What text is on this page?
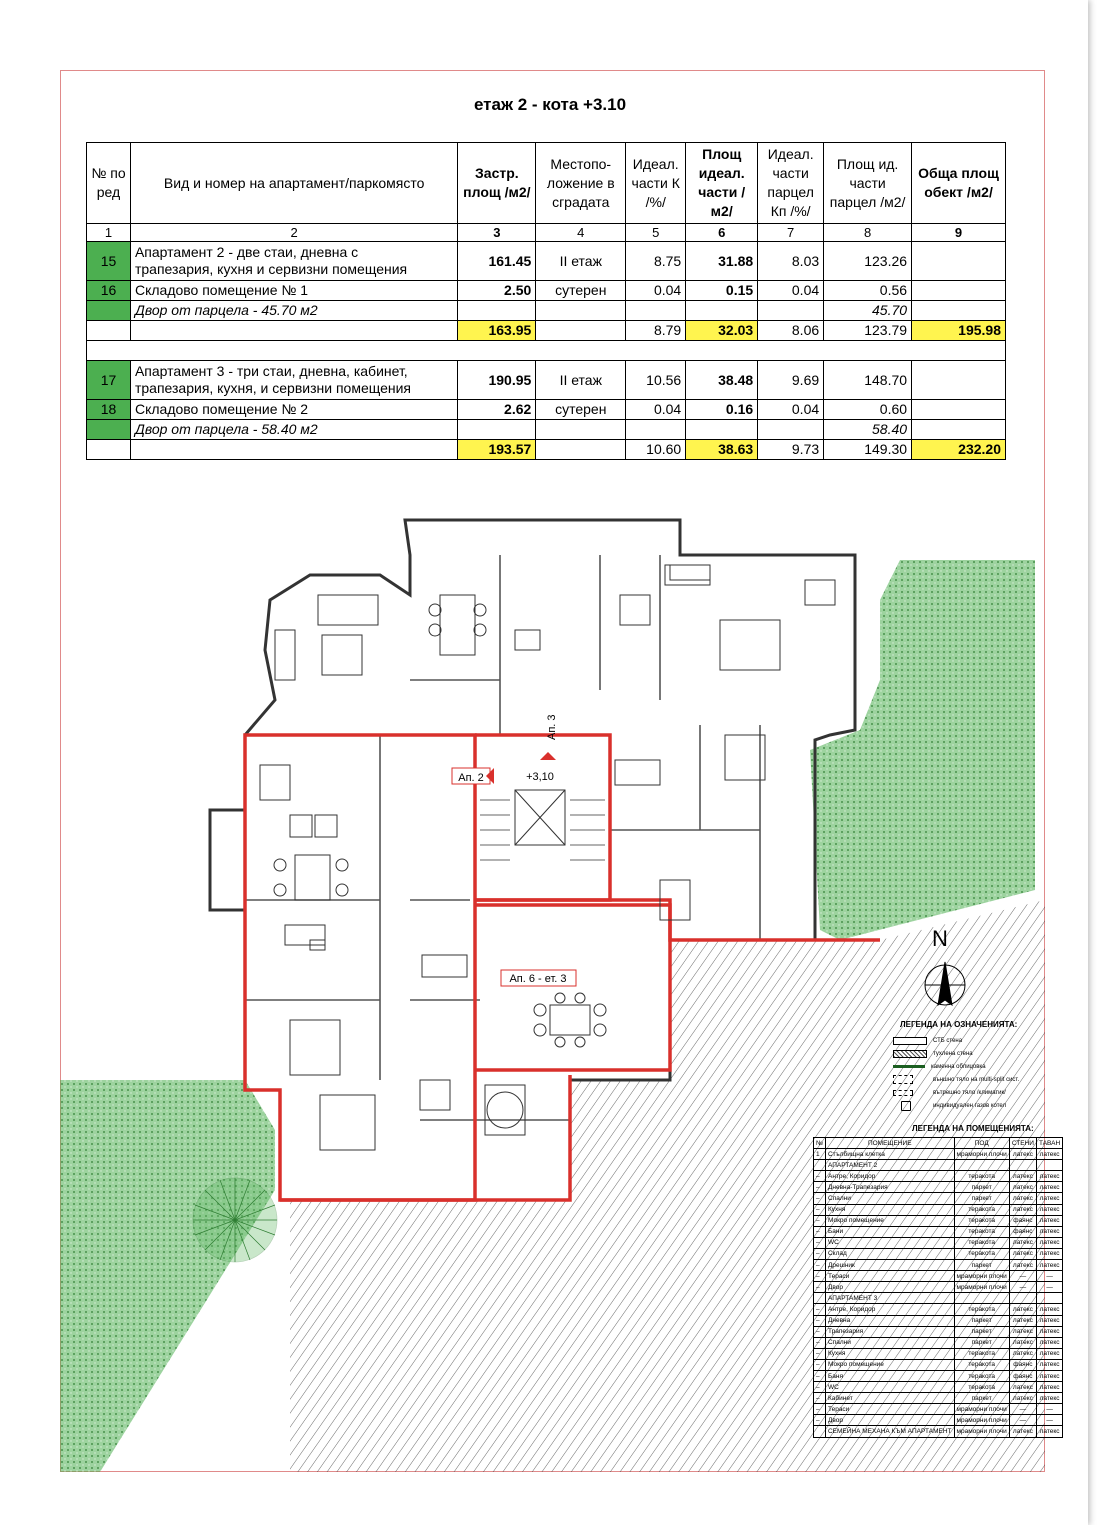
етаж 2 - кота +3.10
№ по ред	Вид и номер на апартамент/паркомясто	Застр. площ /м2/	Местопо-ложение в сградата	Идеал. части К /%/	Площ идеал. части /м2/	Идеал. части парцел Кп /%/	Площ ид. части парцел /м2/	Обща площ обект /м2/
1	2	3	4	5	6	7	8	9
15	Апартамент 2 - две стаи, дневна с
трапезария, кухня и сервизни помещения	161.45	II етаж	8.75	31.88	8.03	123.26	
16	Складово помещение № 1	2.50	сутерен	0.04	0.15	0.04	0.56	
	Двор от парцела - 45.70 м2						45.70	
		163.95		8.79	32.03	8.06	123.79	195.98

17	Апартамент 3 - три стаи, дневна, кабинет,
трапезария, кухня, и сервизни помещения	190.95	II етаж	10.56	38.48	9.69	148.70	
18	Складово помещение № 2	2.62	сутерен	0.04	0.16	0.04	0.60	
	Двор от парцела - 58.40 м2						58.40	
		193.57		10.60	38.63	9.73	149.30	232.20
Ап. 2	+3,10
Ап. 3
Ап. 6 - ет. 3
N
ЛЕГЕНДА НА ОЗНАЧЕНИЯТА:
СТБ стена
тухлена стена
каменна облицовка
външно тяло на multi-split сист.
вътрешно тяло /климатик/
индивидуален газов котел
ЛЕГЕНДА НА ПОМЕЩЕНИЯТА:
№	ПОМЕЩЕНИЕ	ПОД	СТЕНИ	ТАВАН
1	Стълбищна клетка	мраморни плочи	латекс	латекс
	АПАРТАМЕНТ 2			
–	Антре, Коридор	теракота	латекс	латекс
–	Дневна-Трапезария	паркет	латекс	латекс
–	Спални	паркет	латекс	латекс
–	Кухня	теракота	латекс	латекс
–	Мокро помещение	теракота	фаянс	латекс
–	Бани	теракота	фаянс	латекс
–	WC	теракота	латекс	латекс
–	Склад	теракота	латекс	латекс
–	Дрешник	паркет	латекс	латекс
–	Тераси	мраморни плочи	—	—
–	Двор	мраморни плочи	—	—
	АПАРТАМЕНТ 3			
–	Антре, Коридор	теракота	латекс	латекс
–	Дневна	паркет	латекс	латекс
–	Трапезария	паркет	латекс	латекс
–	Спални	паркет	латекс	латекс
–	Кухня	теракота	латекс	латекс
–	Мокро помещение	теракота	фаянс	латекс
–	Баня	теракота	фаянс	латекс
–	WC	теракота	латекс	латекс
–	Кабинет	паркет	латекс	латекс
–	Тераси	мраморни плочи	—	—
–	Двор	мраморни плочи	—	—
	СЕМЕЙНА МЕХАНА КЪМ АПАРТАМЕНТ	мраморни плочи	латекс	латекс
